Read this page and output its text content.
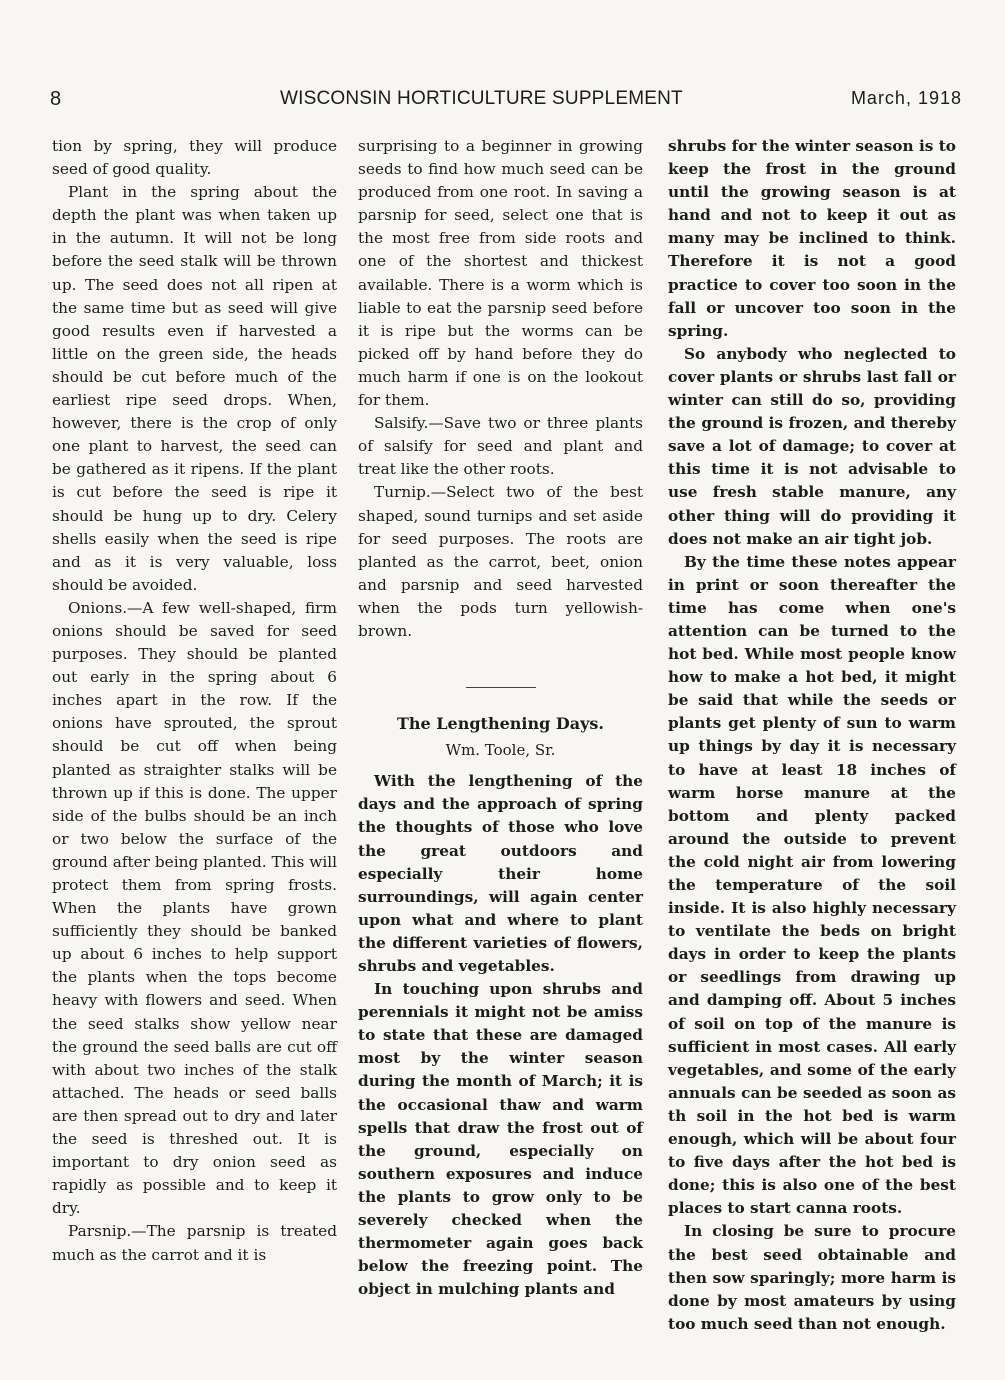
8	WISCONSIN HORTICULTURE SUPPLEMENT	March, 1918

tion by spring, they will produce seed of good quality.

Plant in the spring about the depth the plant was when taken up in the autumn. It will not be long before the seed stalk will be thrown up. The seed does not all ripen at the same time but as seed will give good results even if harvested a little on the green side, the heads should be cut before much of the earliest ripe seed drops. When, however, there is the crop of only one plant to harvest, the seed can be gathered as it ripens. If the plant is cut before the seed is ripe it should be hung up to dry. Celery shells easily when the seed is ripe and as it is very valuable, loss should be avoided.

Onions.—A few well-shaped, firm onions should be saved for seed purposes. They should be planted out early in the spring about 6 inches apart in the row. If the onions have sprouted, the sprout should be cut off when being planted as straighter stalks will be thrown up if this is done. The upper side of the bulbs should be an inch or two below the surface of the ground after being planted. This will protect them from spring frosts. When the plants have grown sufficiently they should be banked up about 6 inches to help support the plants when the tops become heavy with flowers and seed. When the seed stalks show yellow near the ground the seed balls are cut off with about two inches of the stalk attached. The heads or seed balls are then spread out to dry and later the seed is threshed out. It is important to dry onion seed as rapidly as possible and to keep it dry.

Parsnip.—The parsnip is treated much as the carrot and it is

surprising to a beginner in growing seeds to find how much seed can be produced from one root. In saving a parsnip for seed, select one that is the most free from side roots and one of the shortest and thickest available. There is a worm which is liable to eat the parsnip seed before it is ripe but the worms can be picked off by hand before they do much harm if one is on the lookout for them.

Salsify.—Save two or three plants of salsify for seed and plant and treat like the other roots.

Turnip.—Select two of the best shaped, sound turnips and set aside for seed purposes. The roots are planted as the carrot, beet, onion and parsnip and seed harvested when the pods turn yellowish-brown.

The Lengthening Days.
Wm. Toole, Sr.

With the lengthening of the days and the approach of spring the thoughts of those who love the great outdoors and especially their home surroundings, will again center upon what and where to plant the different varieties of flowers, shrubs and vegetables.

In touching upon shrubs and perennials it might not be amiss to state that these are damaged most by the winter season during the month of March; it is the occasional thaw and warm spells that draw the frost out of the ground, especially on southern exposures and induce the plants to grow only to be severely checked when the thermometer again goes back below the freezing point. The object in mulching plants and

shrubs for the winter season is to keep the frost in the ground until the growing season is at hand and not to keep it out as many may be inclined to think. Therefore it is not a good practice to cover too soon in the fall or uncover too soon in the spring.

So anybody who neglected to cover plants or shrubs last fall or winter can still do so, providing the ground is frozen, and thereby save a lot of damage; to cover at this time it is not advisable to use fresh stable manure, any other thing will do providing it does not make an air tight job.

By the time these notes appear in print or soon thereafter the time has come when one's attention can be turned to the hot bed. While most people know how to make a hot bed, it might be said that while the seeds or plants get plenty of sun to warm up things by day it is necessary to have at least 18 inches of warm horse manure at the bottom and plenty packed around the outside to prevent the cold night air from lowering the temperature of the soil inside. It is also highly necessary to ventilate the beds on bright days in order to keep the plants or seedlings from drawing up and damping off. About 5 inches of soil on top of the manure is sufficient in most cases. All early vegetables, and some of the early annuals can be seeded as soon as th soil in the hot bed is warm enough, which will be about four to five days after the hot bed is done; this is also one of the best places to start canna roots.

In closing be sure to procure the best seed obtainable and then sow sparingly; more harm is done by most amateurs by using too much seed than not enough.
